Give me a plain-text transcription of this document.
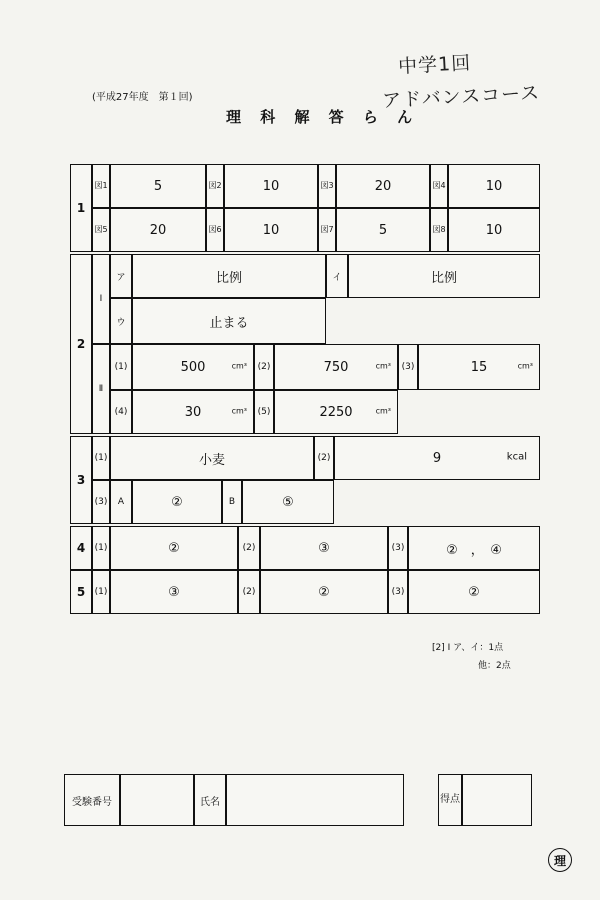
中学1回
アドバンスコース
(平成27年度　第１回)
理 科 解 答 ら ん
1
図 1	5	図 2	10	図 3	20	図 4	10
図 5	20	図 6	10	図 7	5	図 8	10
2
Ⅰ
ア	比例	イ	比例
ウ	止まる
Ⅱ
(1)	500	cm³ (2)	750	cm³ (3)	15	cm³
(4)	30	cm³ (5)	2250	cm³
3
(1)	小麦	(2)	9	kcal
(3) A	②	B	⑤
4 (1)	②	(2)	③	(3)	②　，　④
5 (1)	③	(2)	②	(3)	②
[2] Ⅰ ア、イ：1点
他：2点
受験番号	氏名	得 点
理
